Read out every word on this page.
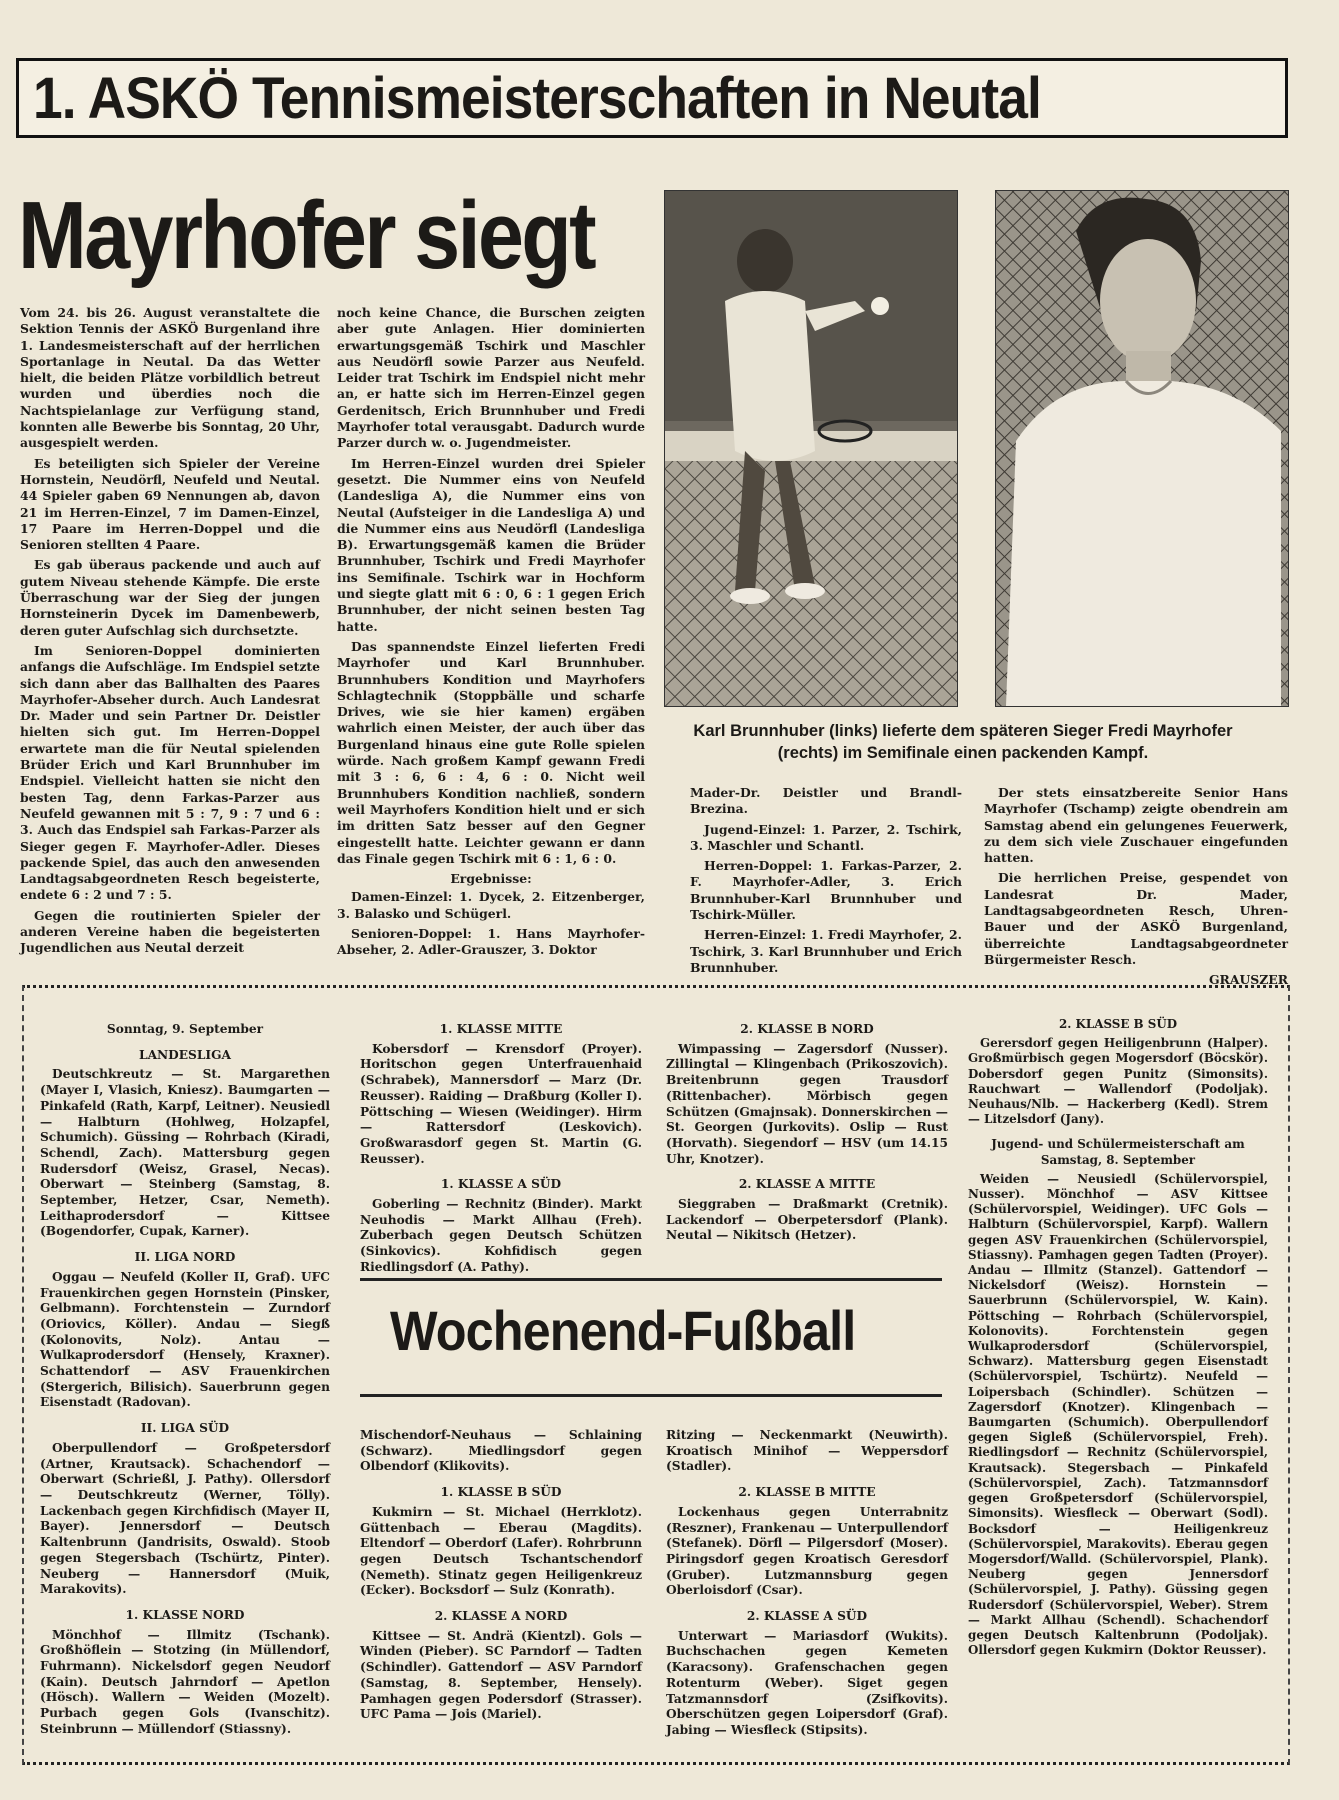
1. ASKÖ Tennismeisterschaften in Neutal
Mayrhofer siegt

Vom 24. bis 26. August veranstaltete die Sektion Tennis der ASKÖ Burgenland ihre 1. Landesmeisterschaft auf der herrlichen Sportanlage in Neutal. Da das Wetter hielt, die beiden Plätze vorbildlich betreut wurden und überdies noch die Nachtspielanlage zur Verfügung stand, konnten alle Bewerbe bis Sonntag, 20 Uhr, ausgespielt werden.

Es beteiligten sich Spieler der Vereine Hornstein, Neudörfl, Neufeld und Neutal. 44 Spieler gaben 69 Nennungen ab, davon 21 im Herren-Einzel, 7 im Damen-Einzel, 17 Paare im Herren-Doppel und die Senioren stellten 4 Paare.

Es gab überaus packende und auch auf gutem Niveau stehende Kämpfe. Die erste Überraschung war der Sieg der jungen Hornsteinerin Dycek im Damenbewerb, deren guter Aufschlag sich durchsetzte.

Im Senioren-Doppel dominierten anfangs die Aufschläge. Im Endspiel setzte sich dann aber das Ballhalten des Paares Mayrhofer-Abseher durch. Auch Landesrat Dr. Mader und sein Partner Dr. Deistler hielten sich gut. Im Herren-Doppel erwartete man die für Neutal spielenden Brüder Erich und Karl Brunnhuber im Endspiel. Vielleicht hatten sie nicht den besten Tag, denn Farkas-Parzer aus Neufeld gewannen mit 5 : 7, 9 : 7 und 6 : 3. Auch das Endspiel sah Farkas-Parzer als Sieger gegen F. Mayrhofer-Adler. Dieses packende Spiel, das auch den anwesenden Landtagsabgeordneten Resch begeisterte, endete 6 : 2 und 7 : 5.

Gegen die routinierten Spieler der anderen Vereine haben die begeisterten Jugendlichen aus Neutal derzeit

noch keine Chance, die Burschen zeigten aber gute Anlagen. Hier dominierten erwartungsgemäß Tschirk und Maschler aus Neudörfl sowie Parzer aus Neufeld. Leider trat Tschirk im Endspiel nicht mehr an, er hatte sich im Herren-Einzel gegen Gerdenitsch, Erich Brunnhuber und Fredi Mayrhofer total verausgabt. Dadurch wurde Parzer durch w. o. Jugendmeister.

Im Herren-Einzel wurden drei Spieler gesetzt. Die Nummer eins von Neufeld (Landesliga A), die Nummer eins von Neutal (Aufsteiger in die Landesliga A) und die Nummer eins aus Neudörfl (Landesliga B). Erwartungsgemäß kamen die Brüder Brunnhuber, Tschirk und Fredi Mayrhofer ins Semifinale. Tschirk war in Hochform und siegte glatt mit 6 : 0, 6 : 1 gegen Erich Brunnhuber, der nicht seinen besten Tag hatte.

Das spannendste Einzel lieferten Fredi Mayrhofer und Karl Brunnhuber. Brunnhubers Kondition und Mayrhofers Schlagtechnik (Stoppbälle und scharfe Drives, wie sie hier kamen) ergäben wahrlich einen Meister, der auch über das Burgenland hinaus eine gute Rolle spielen würde. Nach großem Kampf gewann Fredi mit 3 : 6, 6 : 4, 6 : 0. Nicht weil Brunnhubers Kondition nachließ, sondern weil Mayrhofers Kondition hielt und er sich im dritten Satz besser auf den Gegner eingestellt hatte. Leichter gewann er dann das Finale gegen Tschirk mit 6 : 1, 6 : 0.

Ergebnisse:

Damen-Einzel: 1. Dycek, 2. Eitzenberger, 3. Balasko und Schügerl.

Senioren-Doppel: 1. Hans Mayrhofer-Abseher, 2. Adler-Grauszer, 3. Doktor

Karl Brunnhuber (links) lieferte dem späteren Sieger Fredi Mayrhofer (rechts) im Semifinale einen packenden Kampf.

Mader-Dr. Deistler und Brandl-Brezina.

Jugend-Einzel: 1. Parzer, 2. Tschirk, 3. Maschler und Schantl.

Herren-Doppel: 1. Farkas-Parzer, 2. F. Mayrhofer-Adler, 3. Erich Brunnhuber-Karl Brunnhuber und Tschirk-Müller.

Herren-Einzel: 1. Fredi Mayrhofer, 2. Tschirk, 3. Karl Brunnhuber und Erich Brunnhuber.

Der stets einsatzbereite Senior Hans Mayrhofer (Tschamp) zeigte obendrein am Samstag abend ein gelungenes Feuerwerk, zu dem sich viele Zuschauer eingefunden hatten.

Die herrlichen Preise, gespendet von Landesrat Dr. Mader, Landtagsabgeordneten Resch, Uhren-Bauer und der ASKÖ Burgenland, überreichte Landtagsabgeordneter Bürgermeister Resch.

GRAUSZER
Sonntag, 9. September
LANDESLIGA

Deutschkreutz — St. Margarethen (Mayer I, Vlasich, Kniesz). Baumgarten — Pinkafeld (Rath, Karpf, Leitner). Neusiedl — Halbturn (Hohlweg, Holzapfel, Schumich). Güssing — Rohrbach (Kiradi, Schendl, Zach). Mattersburg gegen Rudersdorf (Weisz, Grasel, Necas). Oberwart — Steinberg (Samstag, 8. September, Hetzer, Csar, Nemeth). Leithaprodersdorf — Kittsee (Bogendorfer, Cupak, Karner).

II. LIGA NORD

Oggau — Neufeld (Koller II, Graf). UFC Frauenkirchen gegen Hornstein (Pinsker, Gelbmann). Forchtenstein — Zurndorf (Oriovics, Köller). Andau — Siegß (Kolonovits, Nolz). Antau — Wulkaprodersdorf (Hensely, Kraxner). Schattendorf — ASV Frauenkirchen (Stergerich, Bilisich). Sauerbrunn gegen Eisenstadt (Radovan).

II. LIGA SÜD

Oberpullendorf — Großpetersdorf (Artner, Krautsack). Schachendorf — Oberwart (Schrießl, J. Pathy). Ollersdorf — Deutschkreutz (Werner, Tölly). Lackenbach gegen Kirchfidisch (Mayer II, Bayer). Jennersdorf — Deutsch Kaltenbrunn (Jandrisits, Oswald). Stoob gegen Stegersbach (Tschürtz, Pinter). Neuberg — Hannersdorf (Muik, Marakovits).

1. KLASSE NORD

Mönchhof — Illmitz (Tschank). Großhöflein — Stotzing (in Müllendorf, Fuhrmann). Nickelsdorf gegen Neudorf (Kain). Deutsch Jahrndorf — Apetlon (Hösch). Wallern — Weiden (Mozelt). Purbach gegen Gols (Ivanschitz). Steinbrunn — Müllendorf (Stiassny).

1. KLASSE MITTE

Kobersdorf — Krensdorf (Proyer). Horitschon gegen Unterfrauenhaid (Schrabek), Mannersdorf — Marz (Dr. Reusser). Raiding — Draßburg (Koller I). Pöttsching — Wiesen (Weidinger). Hirm — Rattersdorf (Leskovich). Großwarasdorf gegen St. Martin (G. Reusser).

1. KLASSE A SÜD

Goberling — Rechnitz (Binder). Markt Neuhodis — Markt Allhau (Freh). Zuberbach gegen Deutsch Schützen (Sinkovics). Kohfidisch gegen Riedlingsdorf (A. Pathy).

2. KLASSE B NORD

Wimpassing — Zagersdorf (Nusser). Zillingtal — Klingenbach (Prikoszovich). Breitenbrunn gegen Trausdorf (Rittenbacher). Mörbisch gegen Schützen (Gmajnsak). Donnerskirchen — St. Georgen (Jurkovits). Oslip — Rust (Horvath). Siegendorf — HSV (um 14.15 Uhr, Knotzer).

2. KLASSE A MITTE

Sieggraben — Draßmarkt (Cretnik). Lackendorf — Oberpetersdorf (Plank). Neutal — Nikitsch (Hetzer).

Wochenend-Fußball

Mischendorf-Neuhaus — Schlaining (Schwarz). Miedlingsdorf gegen Olbendorf (Klikovits).

1. KLASSE B SÜD

Kukmirn — St. Michael (Herrklotz). Güttenbach — Eberau (Magdits). Eltendorf — Oberdorf (Lafer). Rohrbrunn gegen Deutsch Tschantschendorf (Nemeth). Stinatz gegen Heiligenkreuz (Ecker). Bocksdorf — Sulz (Konrath).

2. KLASSE A NORD

Kittsee — St. Andrä (Kientzl). Gols — Winden (Pieber). SC Parndorf — Tadten (Schindler). Gattendorf — ASV Parndorf (Samstag, 8. September, Hensely). Pamhagen gegen Podersdorf (Strasser). UFC Pama — Jois (Mariel).

Ritzing — Neckenmarkt (Neuwirth). Kroatisch Minihof — Weppersdorf (Stadler).

2. KLASSE B MITTE

Lockenhaus gegen Unterrabnitz (Reszner), Frankenau — Unterpullendorf (Stefanek). Dörfl — Pilgersdorf (Moser). Piringsdorf gegen Kroatisch Geresdorf (Gruber). Lutzmannsburg gegen Oberloisdorf (Csar).

2. KLASSE A SÜD

Unterwart — Mariasdorf (Wukits). Buchschachen gegen Kemeten (Karacsony). Grafenschachen gegen Rotenturm (Weber). Siget gegen Tatzmannsdorf (Zsifkovits). Oberschützen gegen Loipersdorf (Graf). Jabing — Wiesfleck (Stipsits).

2. KLASSE B SÜD

Gerersdorf gegen Heiligenbrunn (Halper). Großmürbisch gegen Mogersdorf (Böcskör). Dobersdorf gegen Punitz (Simonsits). Rauchwart — Wallendorf (Podoljak). Neuhaus/Nlb. — Hackerberg (Kedl). Strem — Litzelsdorf (Jany).

Jugend- und Schülermeisterschaft am Samstag, 8. September

Weiden — Neusiedl (Schülervorspiel, Nusser). Mönchhof — ASV Kittsee (Schülervorspiel, Weidinger). UFC Gols — Halbturn (Schülervorspiel, Karpf). Wallern gegen ASV Frauenkirchen (Schülervorspiel, Stiassny). Pamhagen gegen Tadten (Proyer). Andau — Illmitz (Stanzel). Gattendorf — Nickelsdorf (Weisz). Hornstein — Sauerbrunn (Schülervorspiel, W. Kain). Pöttsching — Rohrbach (Schülervorspiel, Kolonovits). Forchtenstein gegen Wulkaprodersdorf (Schülervorspiel, Schwarz). Mattersburg gegen Eisenstadt (Schülervorspiel, Tschürtz). Neufeld — Loipersbach (Schindler). Schützen — Zagersdorf (Knotzer). Klingenbach — Baumgarten (Schumich). Oberpullendorf gegen Sigleß (Schülervorspiel, Freh). Riedlingsdorf — Rechnitz (Schülervorspiel, Krautsack). Stegersbach — Pinkafeld (Schülervorspiel, Zach). Tatzmannsdorf gegen Großpetersdorf (Schülervorspiel, Simonsits). Wiesfleck — Oberwart (Sodl). Bocksdorf — Heiligenkreuz (Schülervorspiel, Marakovits). Eberau gegen Mogersdorf/Walld. (Schülervorspiel, Plank). Neuberg gegen Jennersdorf (Schülervorspiel, J. Pathy). Güssing gegen Rudersdorf (Schülervorspiel, Weber). Strem — Markt Allhau (Schendl). Schachendorf gegen Deutsch Kaltenbrunn (Podoljak). Ollersdorf gegen Kukmirn (Doktor Reusser).
